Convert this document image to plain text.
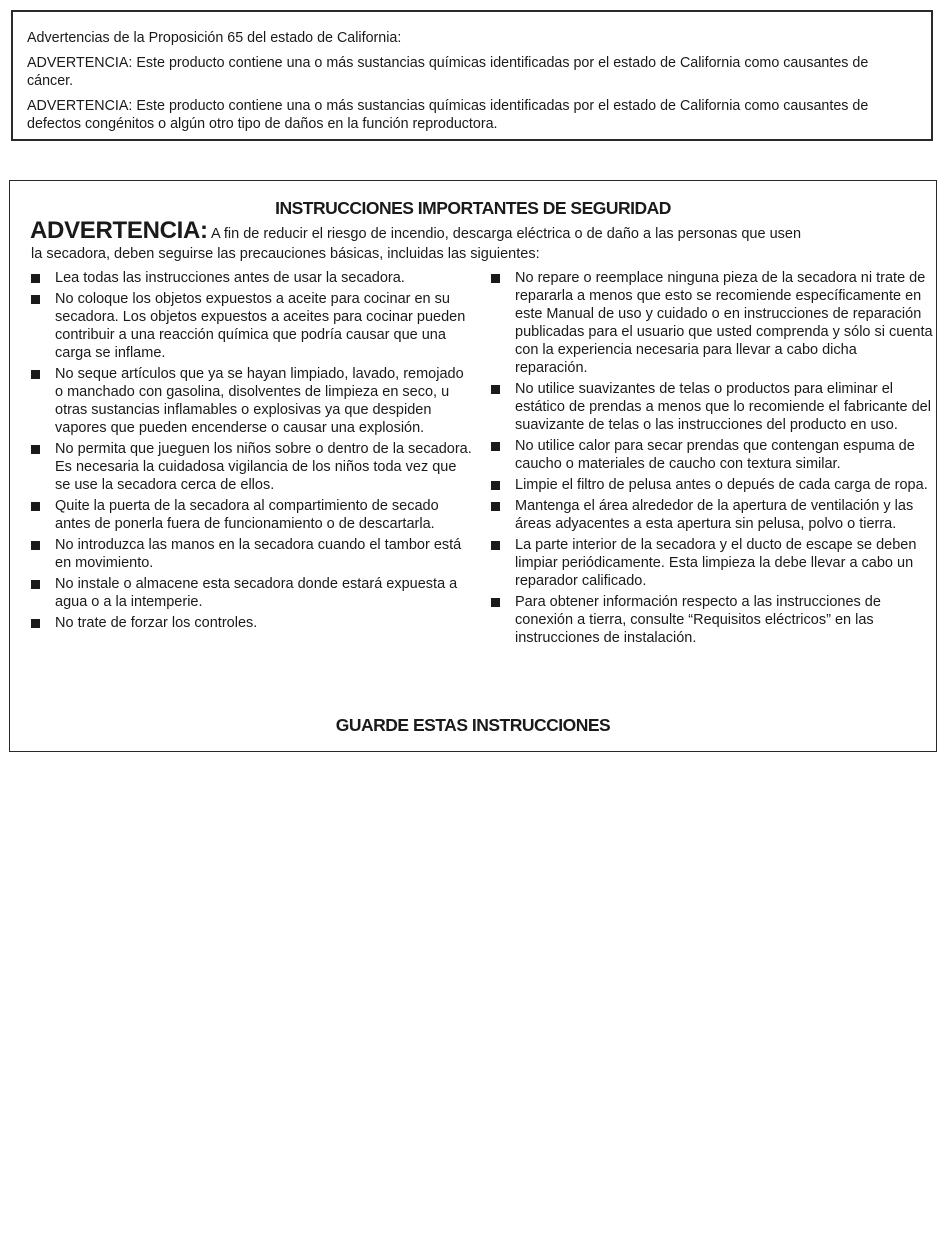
Advertencias de la Proposición 65 del estado de California:

ADVERTENCIA: Este producto contiene una o más sustancias químicas identificadas por el estado de California como causantes de cáncer.

ADVERTENCIA: Este producto contiene una o más sustancias químicas identificadas por el estado de California como causantes de defectos congénitos o algún otro tipo de daños en la función reproductora.

INSTRUCCIONES IMPORTANTES DE SEGURIDAD
ADVERTENCIA: A fin de reducir el riesgo de incendio, descarga eléctrica o de daño a las personas que usen
la secadora, deben seguirse las precauciones básicas, incluidas las siguientes:
Lea todas las instrucciones antes de usar la secadora.
No coloque los objetos expuestos a aceite para cocinar en su secadora. Los objetos expuestos a aceites para cocinar pueden contribuir a una reacción química que podría causar que una carga se inflame.
No seque artículos que ya se hayan limpiado, lavado, remojado o manchado con gasolina, disolventes de limpieza en seco, u otras sustancias inflamables o explosivas ya que despiden vapores que pueden encenderse o causar una explosión.
No permita que jueguen los niños sobre o dentro de la secadora. Es necesaria la cuidadosa vigilancia de los niños toda vez que se use la secadora cerca de ellos.
Quite la puerta de la secadora al compartimiento de secado antes de ponerla fuera de funcionamiento o de descartarla.
No introduzca las manos en la secadora cuando el tambor está en movimiento.
No instale o almacene esta secadora donde estará expuesta a agua o a la intemperie.
No trate de forzar los controles.
No repare o reemplace ninguna pieza de la secadora ni trate de repararla a menos que esto se recomiende específicamente en este Manual de uso y cuidado o en instrucciones de reparación publicadas para el usuario que usted comprenda y sólo si cuenta con la experiencia necesaria para llevar a cabo dicha reparación.
No utilice suavizantes de telas o productos para eliminar el estático de prendas a menos que lo recomiende el fabricante del suavizante de telas o las instrucciones del producto en uso.
No utilice calor para secar prendas que contengan espuma de caucho o materiales de caucho con textura similar.
Limpie el filtro de pelusa antes o depués de cada carga de ropa.
Mantenga el área alrededor de la apertura de ventilación y las áreas adyacentes a esta apertura sin pelusa, polvo o tierra.
La parte interior de la secadora y el ducto de escape se deben limpiar periódicamente. Esta limpieza la debe llevar a cabo un reparador calificado.
Para obtener información respecto a las instrucciones de conexión a tierra, consulte “Requisitos eléctricos” en las instrucciones de instalación.
GUARDE ESTAS INSTRUCCIONES
